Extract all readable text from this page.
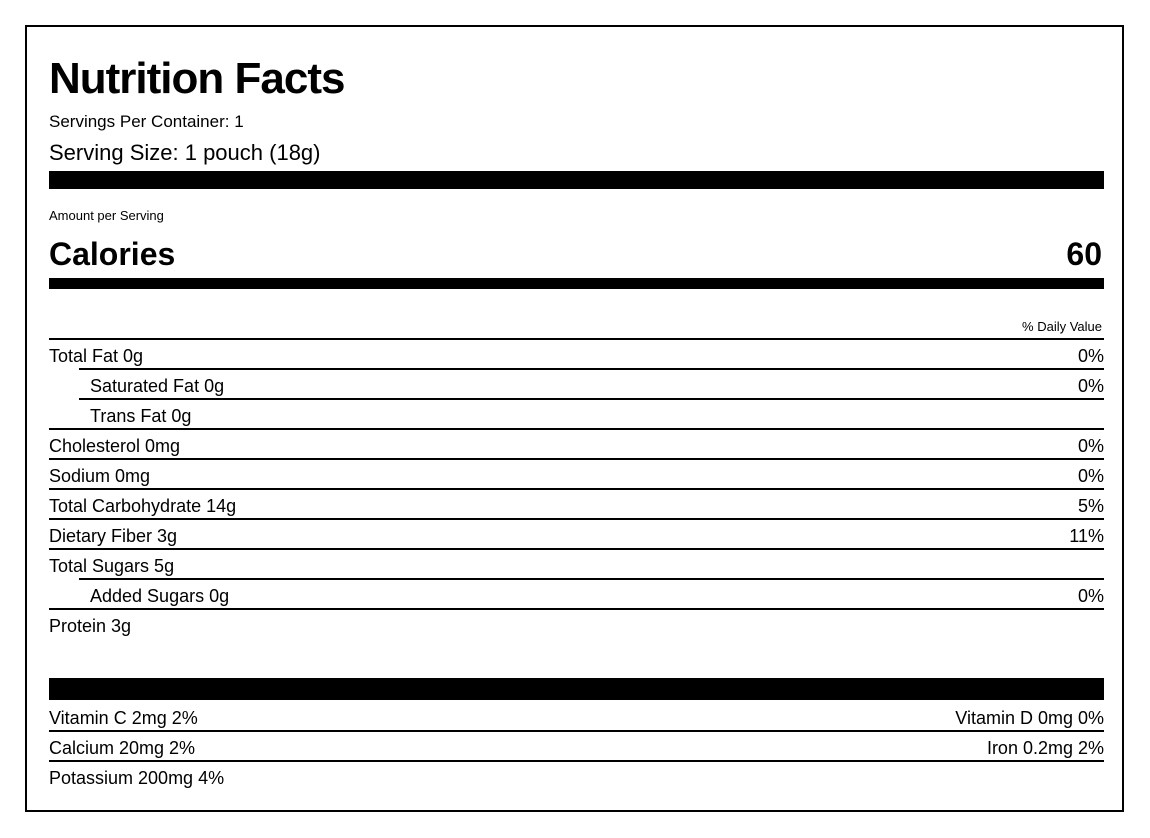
Nutrition Facts
Servings Per Container: 1
Serving Size: 1 pouch (18g)
Amount per Serving
Calories	60
% Daily Value
Total Fat 0g	0%
Saturated Fat 0g	0%
Trans Fat 0g
Cholesterol 0mg	0%
Sodium 0mg	0%
Total Carbohydrate 14g	5%
Dietary Fiber 3g	11%
Total Sugars 5g
Added Sugars 0g	0%
Protein 3g
Vitamin C 2mg 2%	Vitamin D 0mg 0%
Calcium 20mg 2%	Iron 0.2mg 2%
Potassium 200mg 4%
